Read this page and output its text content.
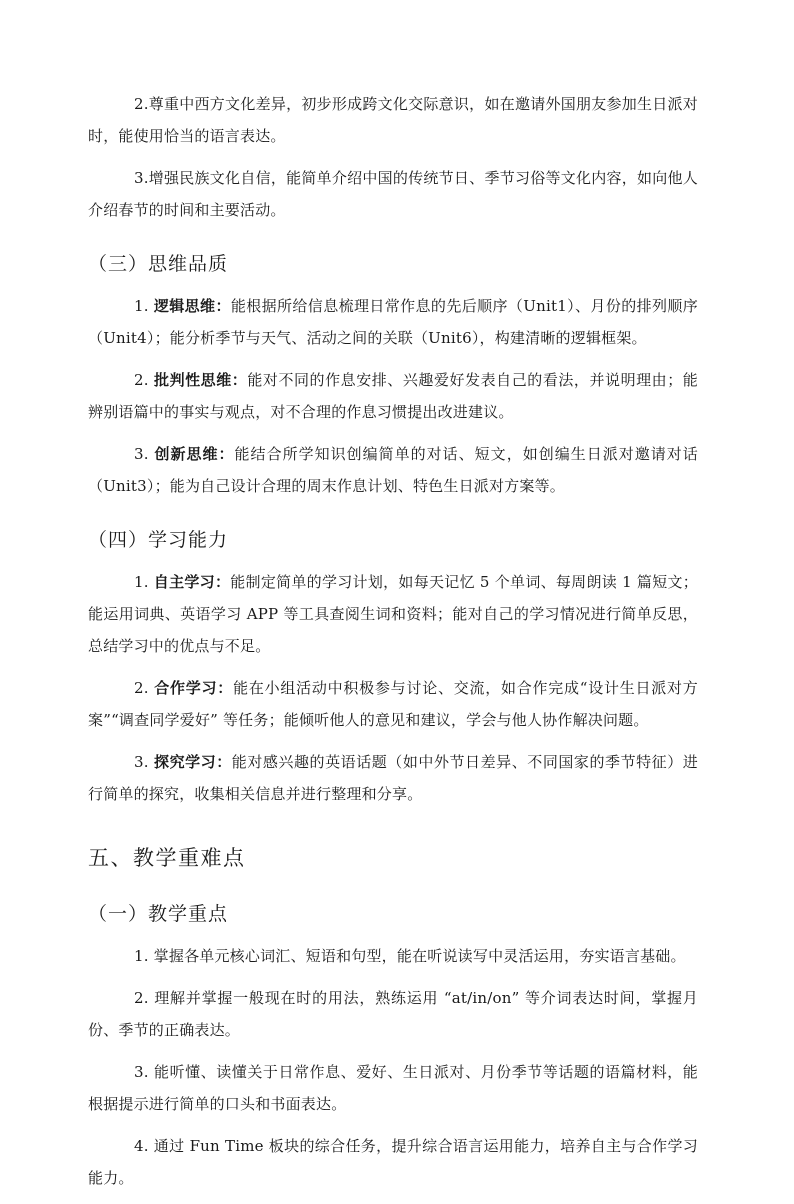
2.尊重中西方文化差异，初步形成跨文化交际意识，如在邀请外国朋友参加生日派对时，能使用恰当的语言表达。

3.增强民族文化自信，能简单介绍中国的传统节日、季节习俗等文化内容，如向他人介绍春节的时间和主要活动。

（三）思维品质

1. 逻辑思维：能根据所给信息梳理日常作息的先后顺序（Unit1）、月份的排列顺序（Unit4）；能分析季节与天气、活动之间的关联（Unit6），构建清晰的逻辑框架。

2. 批判性思维：能对不同的作息安排、兴趣爱好发表自己的看法，并说明理由；能辨别语篇中的事实与观点，对不合理的作息习惯提出改进建议。

3. 创新思维：能结合所学知识创编简单的对话、短文，如创编生日派对邀请对话（Unit3）；能为自己设计合理的周末作息计划、特色生日派对方案等。

（四）学习能力

1. 自主学习：能制定简单的学习计划，如每天记忆 5 个单词、每周朗读 1 篇短文；能运用词典、英语学习 APP 等工具查阅生词和资料；能对自己的学习情况进行简单反思，总结学习中的优点与不足。

2. 合作学习：能在小组活动中积极参与讨论、交流，如合作完成“设计生日派对方案”“调查同学爱好” 等任务；能倾听他人的意见和建议，学会与他人协作解决问题。

3. 探究学习：能对感兴趣的英语话题（如中外节日差异、不同国家的季节特征）进行简单的探究，收集相关信息并进行整理和分享。

五、教学重难点
（一）教学重点

1. 掌握各单元核心词汇、短语和句型，能在听说读写中灵活运用，夯实语言基础。

2. 理解并掌握一般现在时的用法，熟练运用 “at/in/on” 等介词表达时间，掌握月份、季节的正确表达。

3. 能听懂、读懂关于日常作息、爱好、生日派对、月份季节等话题的语篇材料，能根据提示进行简单的口头和书面表达。

4. 通过 Fun Time 板块的综合任务，提升综合语言运用能力，培养自主与合作学习能力。
